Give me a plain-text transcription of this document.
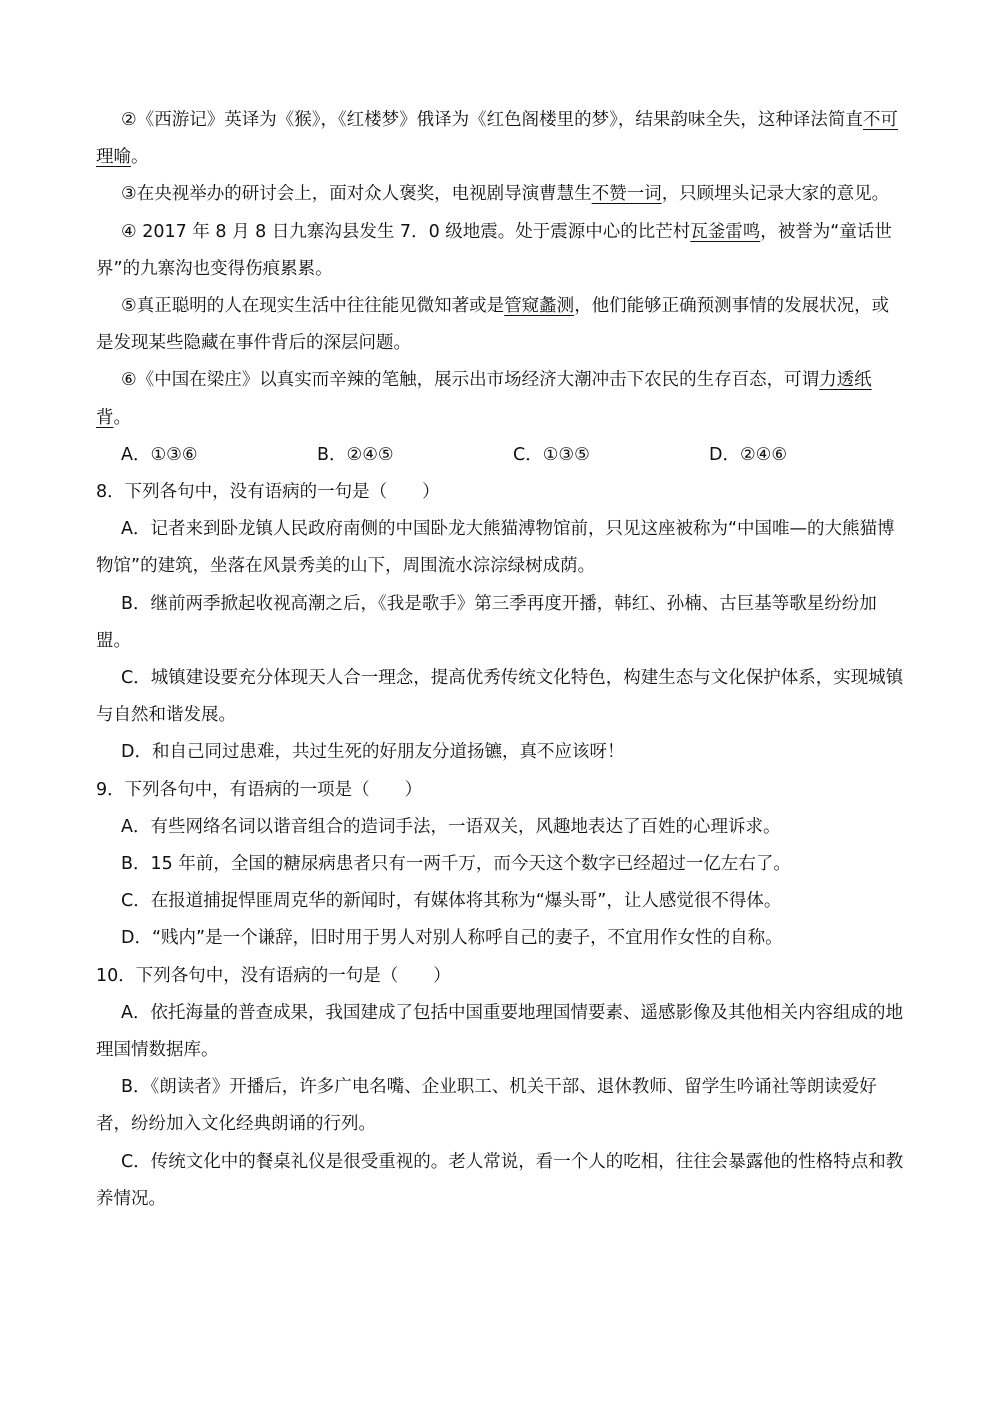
②《西游记》英译为《猴》，《红楼梦》俄译为《红色阁楼里的梦》，结果韵味全失，这种译法简直不可理喻。

③在央视举办的研讨会上，面对众人褒奖，电视剧导演曹慧生不赞一词，只顾埋头记录大家的意见。

④ 2017 年 8 月 8 日九寨沟县发生 7．0 级地震。处于震源中心的比芒村瓦釜雷鸣，被誉为“童话世界”的九寨沟也变得伤痕累累。

⑤真正聪明的人在现实生活中往往能见微知著或是管窥蠡测，他们能够正确预测事情的发展状况，或是发现某些隐藏在事件背后的深层问题。

⑥《中国在梁庄》以真实而辛辣的笔触，展示出市场经济大潮冲击下农民的生存百态，可谓力透纸背。

A．①③⑥	B．②④⑤	C．①③⑤	D．②④⑥

8．下列各句中，没有语病的一句是（　　）

A．记者来到卧龙镇人民政府南侧的中国卧龙大熊猫溥物馆前，只见这座被称为“中国唯—的大熊猫博物馆”的建筑，坐落在风景秀美的山下，周围流水淙淙绿树成荫。

B．继前两季掀起收视高潮之后，《我是歌手》第三季再度开播，韩红、孙楠、古巨基等歌星纷纷加盟。

C．城镇建设要充分体现天人合一理念，提高优秀传统文化特色，构建生态与文化保护体系，实现城镇与自然和谐发展。

D．和自己同过患难，共过生死的好朋友分道扬镳，真不应该呀！

9．下列各句中，有语病的一项是（　　）

A．有些网络名词以谐音组合的造词手法，一语双关，风趣地表达了百姓的心理诉求。

B．15 年前，全国的糖尿病患者只有一两千万，而今天这个数字已经超过一亿左右了。

C．在报道捕捉悍匪周克华的新闻时，有媒体将其称为“爆头哥”，让人感觉很不得体。

D．“贱内”是一个谦辞，旧时用于男人对别人称呼自己的妻子，不宜用作女性的自称。

10．下列各句中，没有语病的一句是（　　）

A．依托海量的普查成果，我国建成了包括中国重要地理国情要素、遥感影像及其他相关内容组成的地理国情数据库。

B．《朗读者》开播后，许多广电名嘴、企业职工、机关干部、退休教师、留学生吟诵社等朗读爱好者，纷纷加入文化经典朗诵的行列。

C．传统文化中的餐桌礼仪是很受重视的。老人常说，看一个人的吃相，往往会暴露他的性格特点和教养情况。
